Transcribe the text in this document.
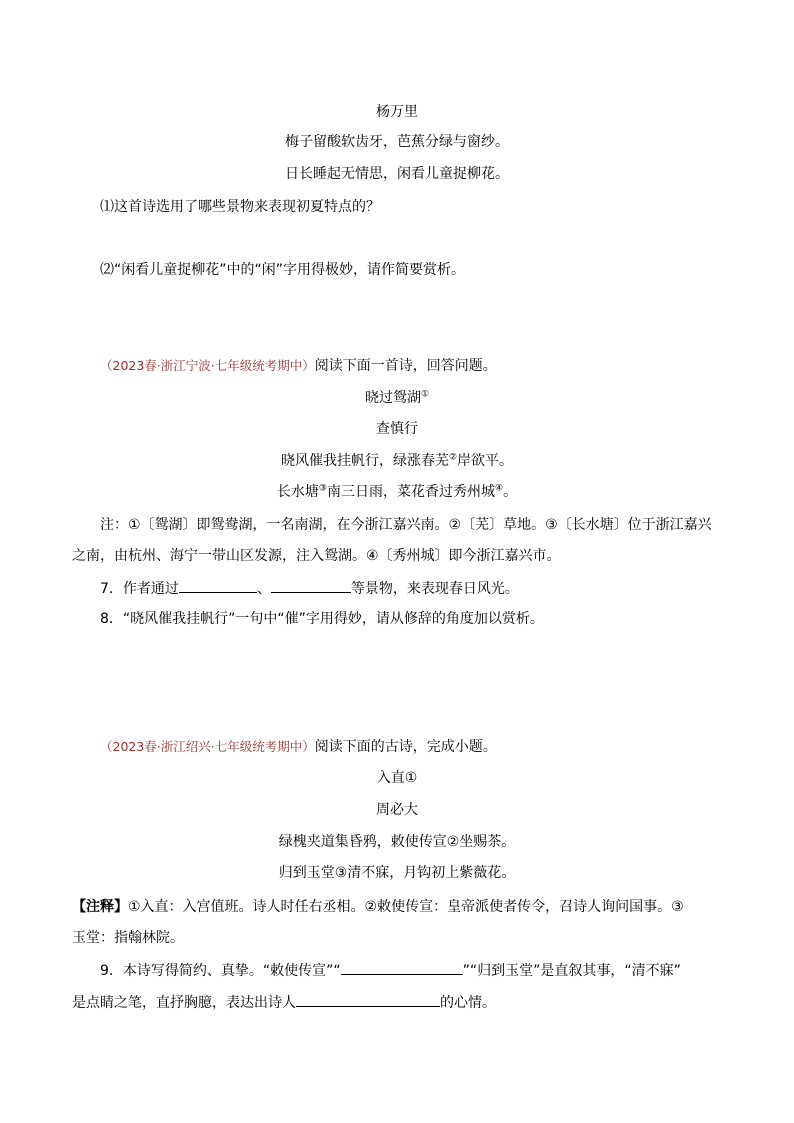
杨万里
梅子留酸软齿牙，芭蕉分绿与窗纱。
日长睡起无情思，闲看儿童捉柳花。
⑴这首诗选用了哪些景物来表现初夏特点的？
⑵“闲看儿童捉柳花”中的“闲”字用得极妙，请作简要赏析。
（2023春·浙江宁波·七年级统考期中）阅读下面一首诗，回答问题。
晓过鸳湖①
查慎行
晓风催我挂帆行，绿涨春芜②岸欲平。
长水塘③南三日雨，菜花香过秀州城④。
注：①〔鸳湖〕即鸳鸯湖，一名南湖，在今浙江嘉兴南。②〔芜〕草地。③〔长水塘〕位于浙江嘉兴
之南，由杭州、海宁一带山区发源，注入鸳湖。④〔秀州城〕即今浙江嘉兴市。
7．作者通过	、	等景物，来表现春日风光。
8．“晓风催我挂帆行”一句中“催”字用得妙，请从修辞的角度加以赏析。
（2023春·浙江绍兴·七年级统考期中）阅读下面的古诗，完成小题。
入直①
周必大
绿槐夹道集昏鸦，敕使传宣②坐赐茶。
归到玉堂③清不寐，月钩初上紫薇花。
【注释】①入直：入宫值班。诗人时任右丞相。②敕使传宣：皇帝派使者传令，召诗人询问国事。③
玉堂：指翰林院。
9．本诗写得简约、真挚。“敕使传宣”“	”“归到玉堂”是直叙其事，“清不寐”
是点睛之笔，直抒胸臆，表达出诗人	的心情。
